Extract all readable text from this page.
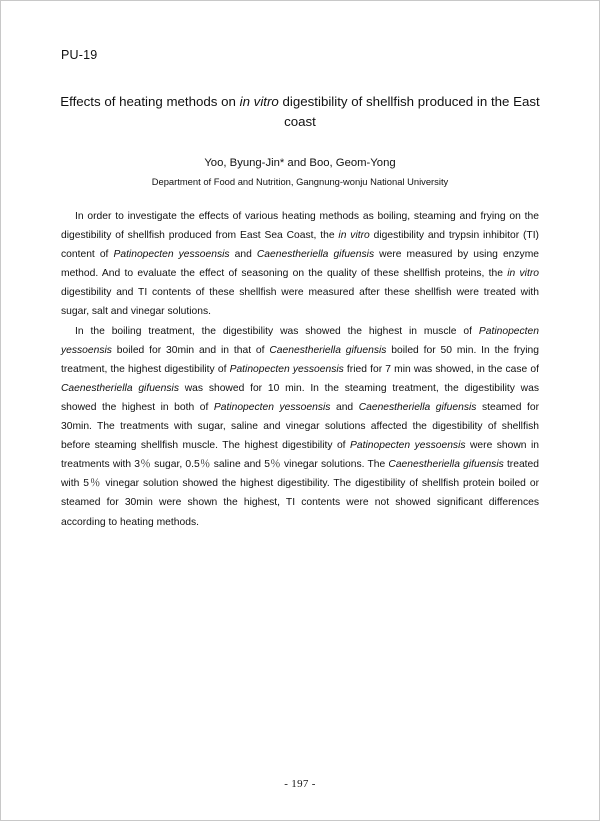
PU-19
Effects of heating methods on in vitro digestibility of shellfish produced in the East coast
Yoo, Byung-Jin* and Boo, Geom-Yong
Department of Food and Nutrition, Gangnung-wonju National University

In order to investigate the effects of various heating methods as boiling, steaming and frying on the digestibility of shellfish produced from East Sea Coast, the in vitro digestibility and trypsin inhibitor (TI) content of Patinopecten yessoensis and Caenestheriella gifuensis were measured by using enzyme method. And to evaluate the effect of seasoning on the quality of these shellfish proteins, the in vitro digestibility and TI contents of these shellfish were measured after these shellfish were treated with sugar, salt and vinegar solutions.

In the boiling treatment, the digestibility was showed the highest in muscle of Patinopecten yessoensis boiled for 30min and in that of Caenestheriella gifuensis boiled for 50 min. In the frying treatment, the highest digestibility of Patinopecten yessoensis fried for 7 min was showed, in the case of Caenestheriella gifuensis was showed for 10 min. In the steaming treatment, the digestibility was showed the highest in both of Patinopecten yessoensis and Caenestheriella gifuensis steamed for 30min. The treatments with sugar, saline and vinegar solutions affected the digestibility of shellfish before steaming shellfish muscle. The highest digestibility of Patinopecten yessoensis were shown in treatments with 3％ sugar, 0.5％ saline and 5％ vinegar solutions. The Caenestheriella gifuensis treated with 5％ vinegar solution showed the highest digestibility. The digestibility of shellfish protein boiled or steamed for 30min were shown the highest, TI contents were not showed significant differences according to heating methods.

- 197 -
